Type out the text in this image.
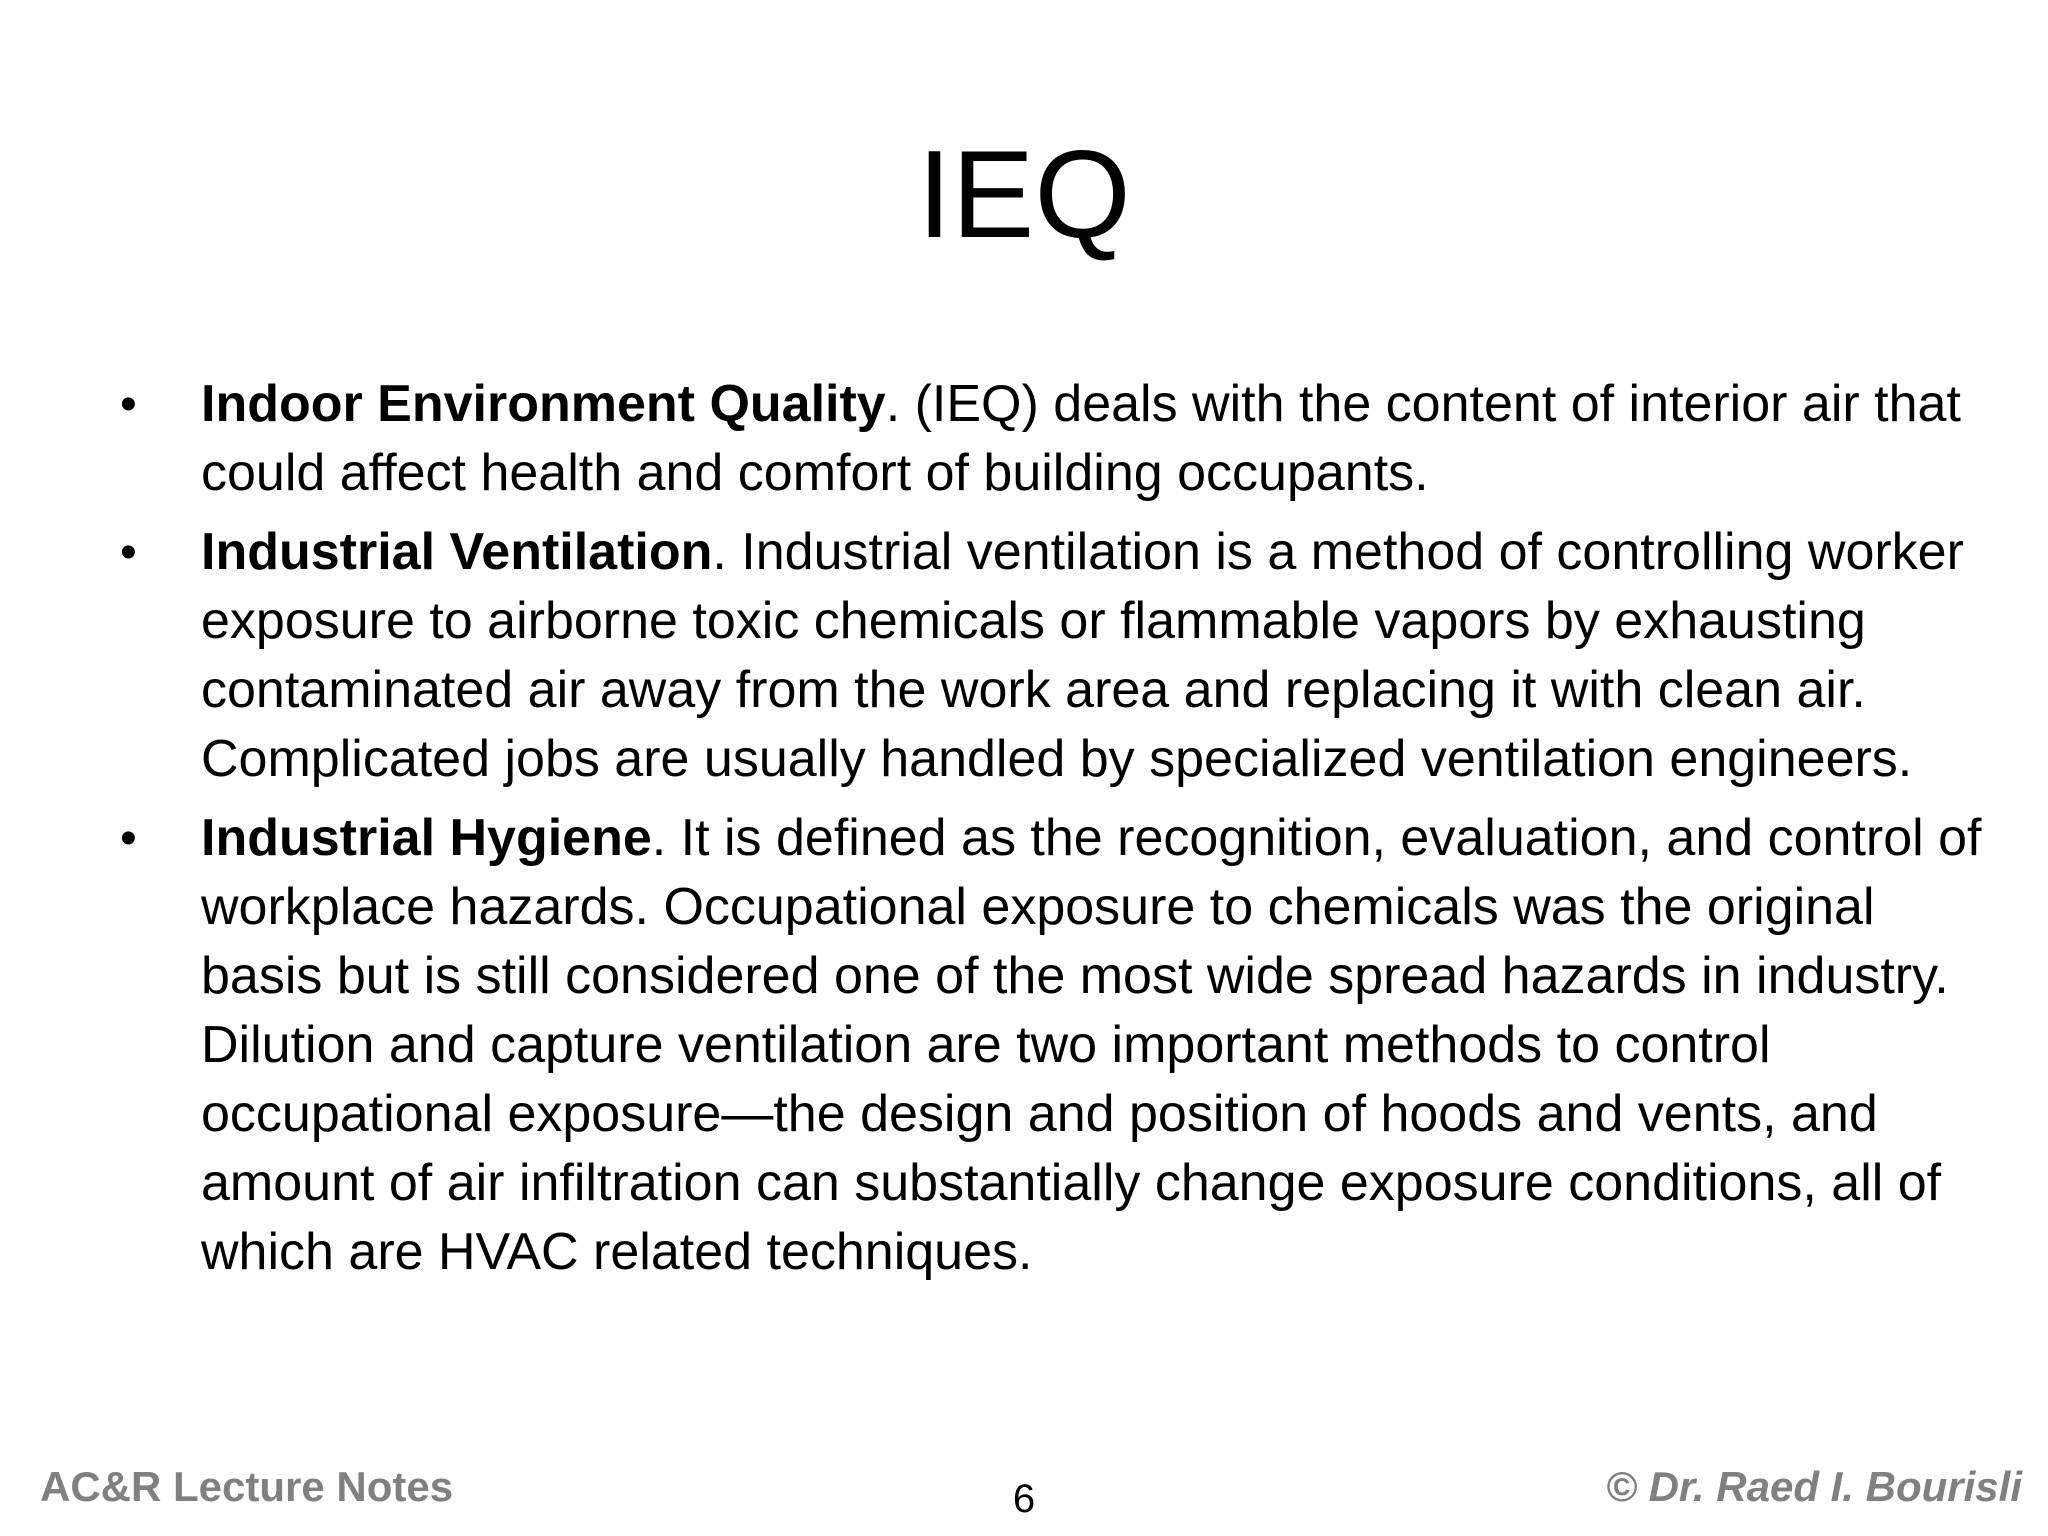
IEQ
•	Indoor Environment Quality. (IEQ) deals with the content of interior air that could affect health and comfort of building occupants.
•	Industrial Ventilation. Industrial ventilation is a method of controlling worker exposure to airborne toxic chemicals or flammable vapors by exhausting contaminated air away from the work area and replacing it with clean air. Complicated jobs are usually handled by specialized ventilation engineers.
•	Industrial Hygiene. It is defined as the recognition, evaluation, and control of workplace hazards. Occupational exposure to chemicals was the original basis but is still considered one of the most wide spread hazards in industry. Dilution and capture ventilation are two important methods to control occupational exposure—the design and position of hoods and vents, and amount of air infiltration can substantially change exposure conditions, all of which are HVAC related techniques.
AC&R Lecture Notes	6	© Dr. Raed I. Bourisli
